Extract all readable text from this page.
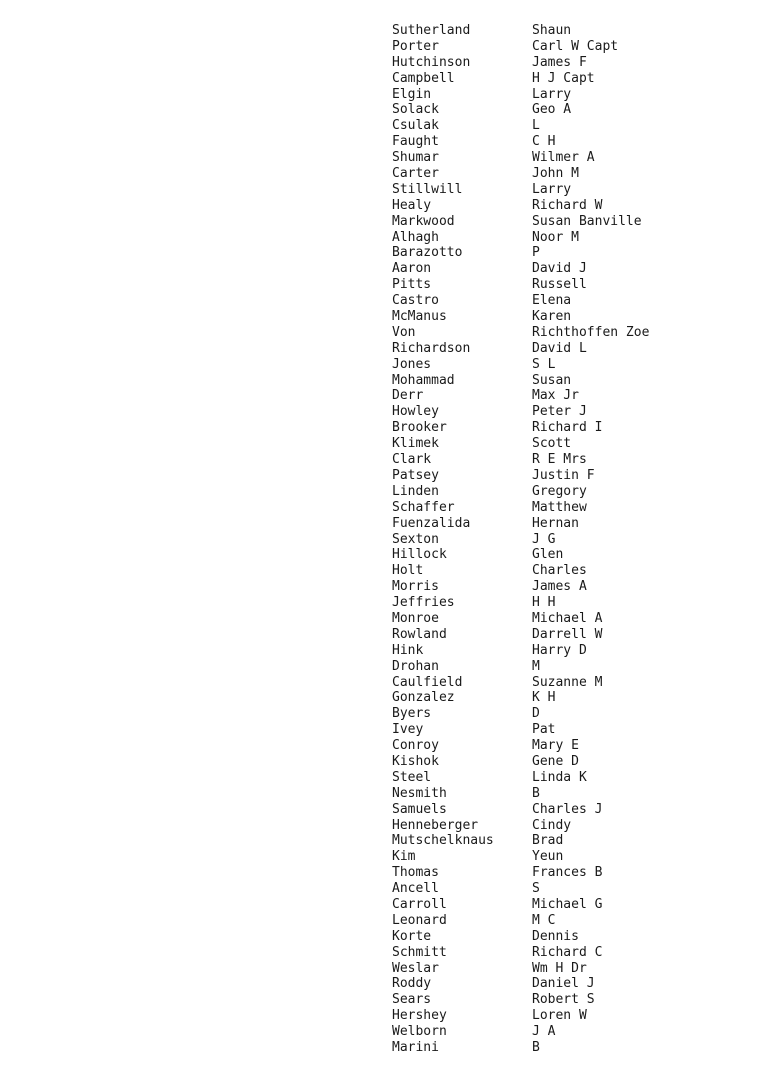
Sutherland	Shaun
Porter	Carl W Capt
Hutchinson	James F
Campbell	H J Capt
Elgin	Larry
Solack	Geo A
Csulak	L
Faught	C H
Shumar	Wilmer A
Carter	John M
Stillwill	Larry
Healy	Richard W
Markwood	Susan Banville
Alhagh	Noor M
Barazotto	P
Aaron	David J
Pitts	Russell
Castro	Elena
McManus	Karen
Von	Richthoffen Zoe
Richardson	David L
Jones	S L
Mohammad	Susan
Derr	Max Jr
Howley	Peter J
Brooker	Richard I
Klimek	Scott
Clark	R E Mrs
Patsey	Justin F
Linden	Gregory
Schaffer	Matthew
Fuenzalida	Hernan
Sexton	J G
Hillock	Glen
Holt	Charles
Morris	James A
Jeffries	H H
Monroe	Michael A
Rowland	Darrell W
Hink	Harry D
Drohan	M
Caulfield	Suzanne M
Gonzalez	K H
Byers	D
Ivey	Pat
Conroy	Mary E
Kishok	Gene D
Steel	Linda K
Nesmith	B
Samuels	Charles J
Henneberger	Cindy
Mutschelknaus	Brad
Kim	Yeun
Thomas	Frances B
Ancell	S
Carroll	Michael G
Leonard	M C
Korte	Dennis
Schmitt	Richard C
Weslar	Wm H Dr
Roddy	Daniel J
Sears	Robert S
Hershey	Loren W
Welborn	J A
Marini	B
